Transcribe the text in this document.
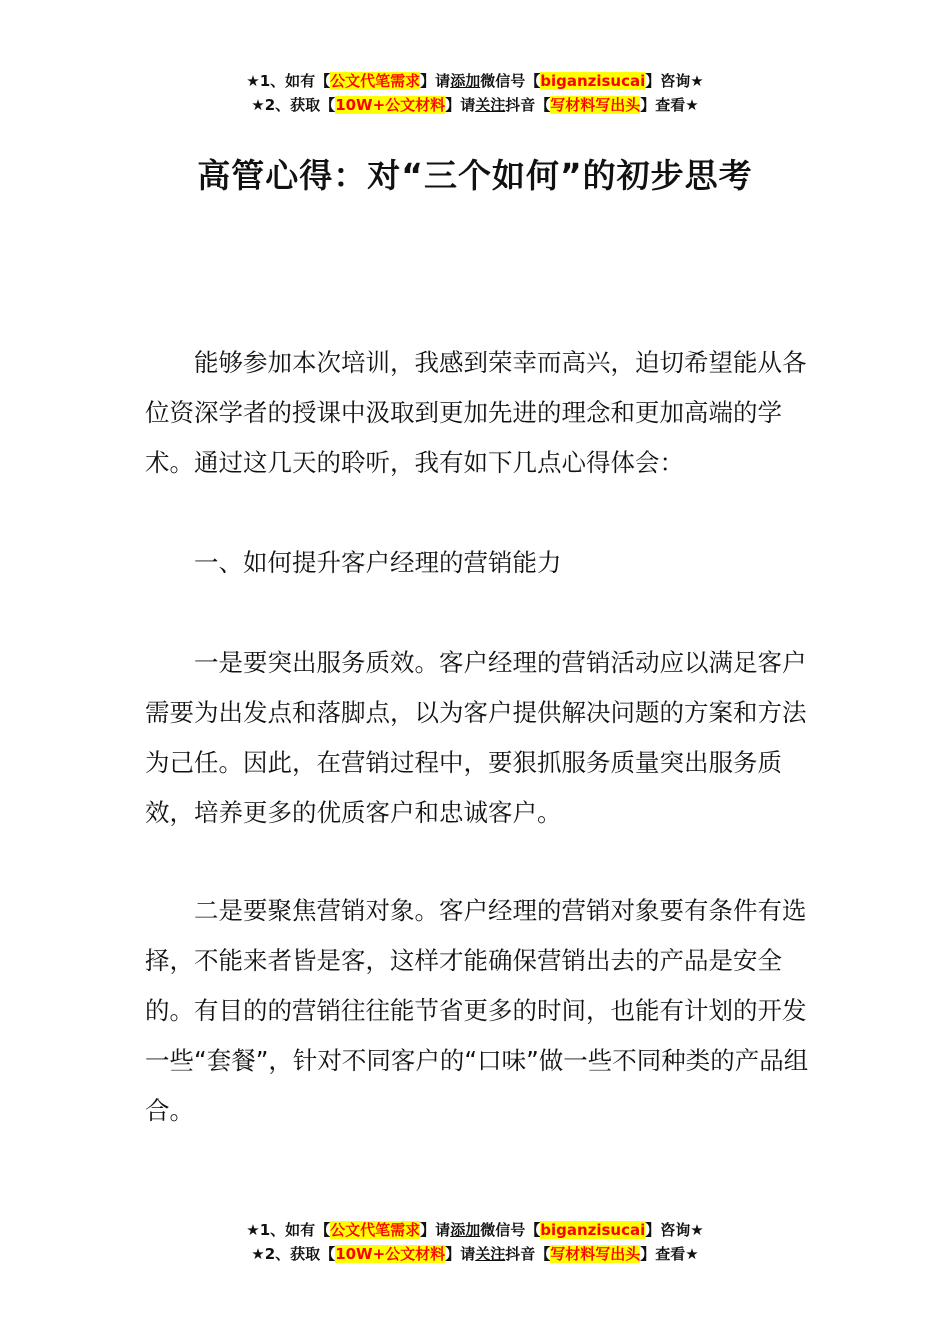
★1、如有【公文代笔需求】请添加微信号【biganzisucai】咨询★
★2、获取【10W+公文材料】请关注抖音【写材料写出头】查看★
高管心得：对“三个如何”的初步思考

能够参加本次培训，我感到荣幸而高兴，迫切希望能从各位资深学者的授课中汲取到更加先进的理念和更加高端的学术。通过这几天的聆听，我有如下几点心得体会：

一、如何提升客户经理的营销能力

一是要突出服务质效。客户经理的营销活动应以满足客户需要为出发点和落脚点，以为客户提供解决问题的方案和方法为己任。因此，在营销过程中，要狠抓服务质量突出服务质效，培养更多的优质客户和忠诚客户。

二是要聚焦营销对象。客户经理的营销对象要有条件有选择，不能来者皆是客，这样才能确保营销出去的产品是安全的。有目的的营销往往能节省更多的时间，也能有计划的开发一些“套餐”，针对不同客户的“口味”做一些不同种类的产品组合。

★1、如有【公文代笔需求】请添加微信号【biganzisucai】咨询★
★2、获取【10W+公文材料】请关注抖音【写材料写出头】查看★
